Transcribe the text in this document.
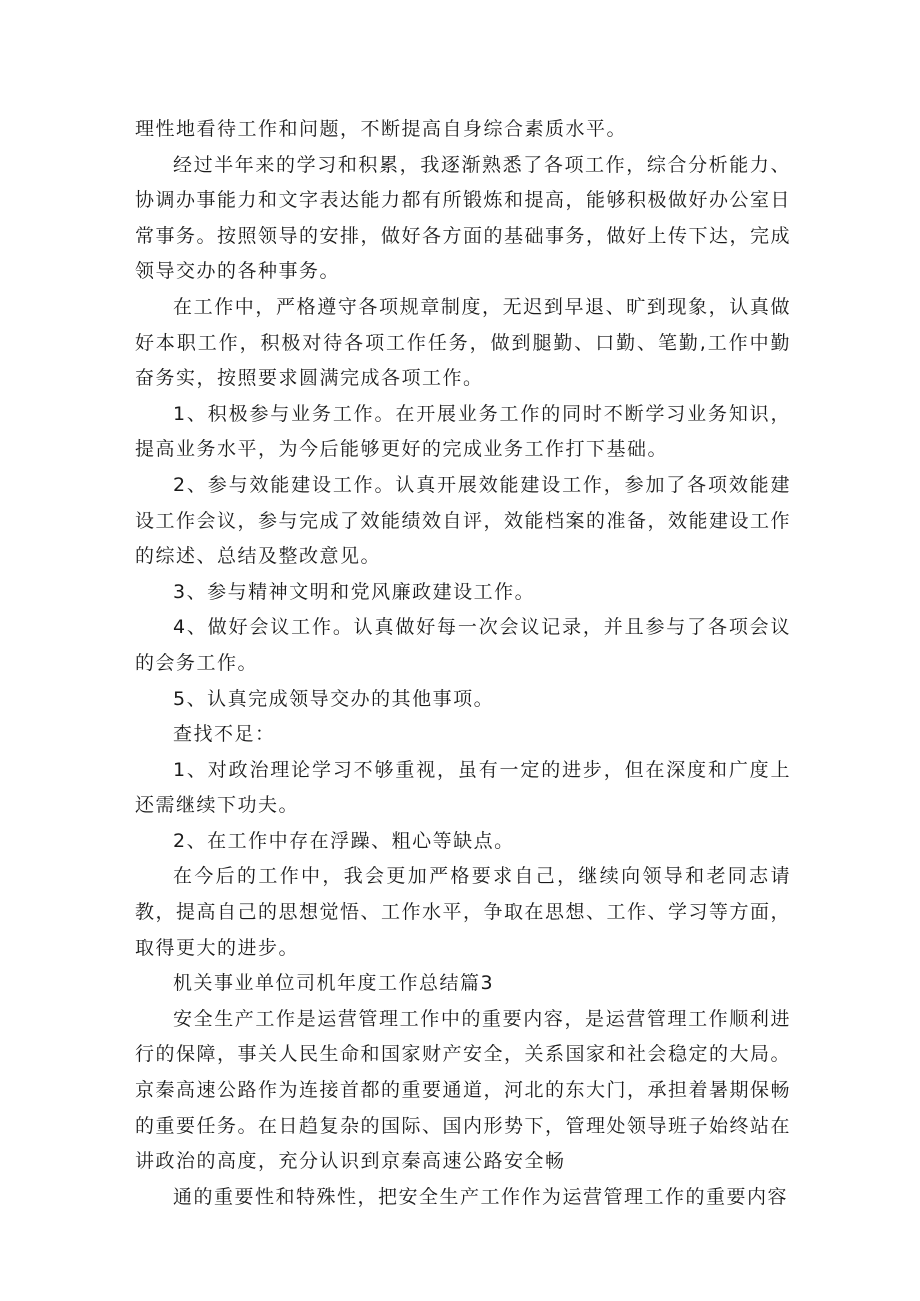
理性地看待工作和问题，不断提高自身综合素质水平。

经过半年来的学习和积累，我逐渐熟悉了各项工作，综合分析能力、协调办事能力和文字表达能力都有所锻炼和提高，能够积极做好办公室日常事务。按照领导的安排，做好各方面的基础事务，做好上传下达，完成领导交办的各种事务。

在工作中，严格遵守各项规章制度，无迟到早退、旷到现象，认真做好本职工作，积极对待各项工作任务，做到腿勤、口勤、笔勤,工作中勤奋务实，按照要求圆满完成各项工作。

1、积极参与业务工作。在开展业务工作的同时不断学习业务知识，提高业务水平，为今后能够更好的完成业务工作打下基础。

2、参与效能建设工作。认真开展效能建设工作，参加了各项效能建设工作会议，参与完成了效能绩效自评，效能档案的准备，效能建设工作的综述、总结及整改意见。

3、参与精神文明和党风廉政建设工作。

4、做好会议工作。认真做好每一次会议记录，并且参与了各项会议的会务工作。

5、认真完成领导交办的其他事项。

查找不足：

1、对政治理论学习不够重视，虽有一定的进步，但在深度和广度上还需继续下功夫。

2、在工作中存在浮躁、粗心等缺点。

在今后的工作中，我会更加严格要求自己，继续向领导和老同志请教，提高自己的思想觉悟、工作水平，争取在思想、工作、学习等方面，取得更大的进步。

机关事业单位司机年度工作总结篇3

安全生产工作是运营管理工作中的重要内容，是运营管理工作顺利进行的保障，事关人民生命和国家财产安全，关系国家和社会稳定的大局。京秦高速公路作为连接首都的重要通道，河北的东大门，承担着暑期保畅的重要任务。在日趋复杂的国际、国内形势下，管理处领导班子始终站在讲政治的高度，充分认识到京秦高速公路安全畅

通的重要性和特殊性，把安全生产工作作为运营管理工作的重要内容
